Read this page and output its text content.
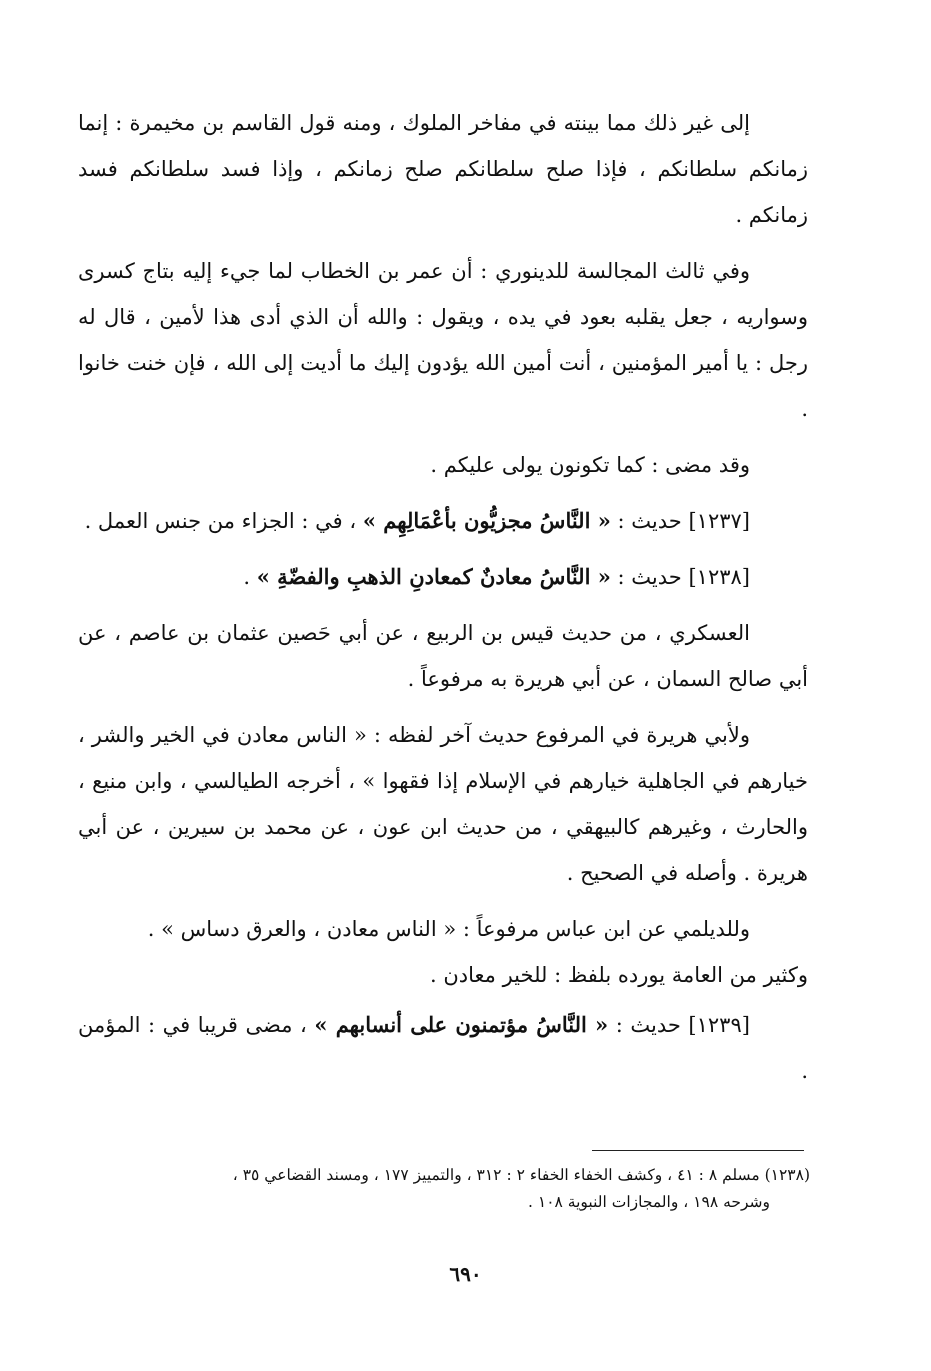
إلى غير ذلك مما بينته في مفاخر الملوك ، ومنه قول القاسم بن مخيمرة : إنما زمانكم سلطانكم ، فإذا صلح سلطانكم صلح زمانكم ، وإذا فسد سلطانكم فسد زمانكم .

وفي ثالث المجالسة للدينوري : أن عمر بن الخطاب لما جيء إليه بتاج كسرى وسواريه ، جعل يقلبه بعود في يده ، ويقول : والله أن الذي أدى هذا لأمين ، قال له رجل : يا أمير المؤمنين ، أنت أمين الله يؤدون إليك ما أديت إلى الله ، فإن خنت خانوا .

وقد مضى : كما تكونون يولى عليكم .

[١٢٣٧] حديث : « النَّاسُ مجزيُّون بأعْمَالِهِم » ، في : الجزاء من جنس العمل .

[١٢٣٨] حديث : « النَّاسُ معادنٌ كمعادنِ الذهبِ والفضّةِ » .

العسكري ، من حديث قيس بن الربيع ، عن أبي حَصين عثمان بن عاصم ، عن أبي صالح السمان ، عن أبي هريرة به مرفوعاً .

ولأبي هريرة في المرفوع حديث آخر لفظه : « الناس معادن في الخير والشر ، خيارهم في الجاهلية خيارهم في الإسلام إذا فقهوا » ، أخرجه الطيالسي ، وابن منيع ، والحارث ، وغيرهم كالبيهقي ، من حديث ابن عون ، عن محمد بن سيرين ، عن أبي هريرة . وأصله في الصحيح .

وللديلمي عن ابن عباس مرفوعاً : « الناس معادن ، والعرق دساس » .
وكثير من العامة يورده بلفظ : للخير معادن .

[١٢٣٩] حديث : « النَّاسُ مؤتمنون على أنسابهم » ، مضى قريبا في : المؤمن .

(١٢٣٨) مسلم ٨ : ٤١ ، وكشف الخفاء الخفاء ٢ : ٣١٢ ، والتمييز ١٧٧ ، ومسند القضاعي ٣٥ ،
وشرحه ١٩٨ ، والمجازات النبوية ١٠٨ .
٦٩٠
